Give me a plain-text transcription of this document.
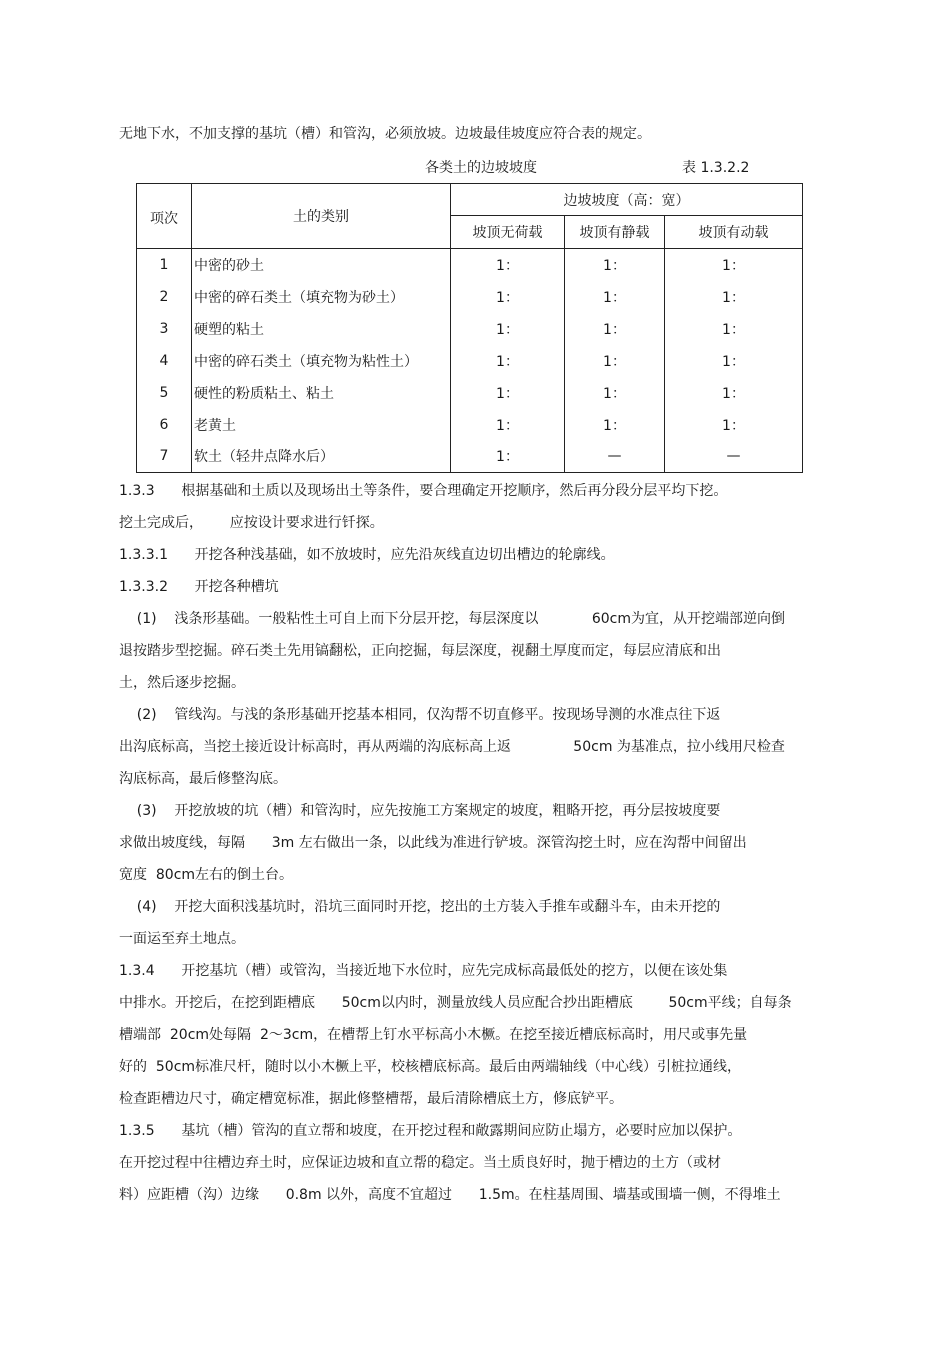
无地下水，不加支撑的基坑（槽）和管沟，必须放坡。边坡最佳坡度应符合表的规定。
各类土的边坡坡度	表 1.3.2.2
项次	土的类别	边坡坡度（高：宽）		
		坡顶无荷载	坡顶有静载	坡顶有动载
1	中密的砂土	1：	1：	1：
2	中密的碎石类土（填充物为砂土）	1：	1：	1：
3	硬塑的粘土	1：	1：	1：
4	中密的碎石类土（填充物为粘性土）	1：	1：	1：
5	硬性的粉质粘土、粘土	1：	1：	1：
6	老黄土	1：	1：	1：
7	软土（轻井点降水后）	1：	—	—
1.3.3      根据基础和土质以及现场出土等条件，要合理确定开挖顺序，然后再分段分层平均下挖。
挖土完成后，      应按设计要求进行钎探。
1.3.3.1      开挖各种浅基础，如不放坡时，应先沿灰线直边切出槽边的轮廓线。
1.3.3.2      开挖各种槽坑
(1)    浅条形基础。一般粘性土可自上而下分层开挖，每层深度以            60cm为宜，从开挖端部逆向倒
退按踏步型挖掘。碎石类土先用镐翻松，正向挖掘，每层深度，视翻土厚度而定，每层应清底和出
土，然后逐步挖掘。
(2)    管线沟。与浅的条形基础开挖基本相同，仅沟帮不切直修平。按现场导测的水准点往下返
出沟底标高，当挖土接近设计标高时，再从两端的沟底标高上返              50cm 为基准点，拉小线用尺检查
沟底标高，最后修整沟底。
(3)    开挖放坡的坑（槽）和管沟时，应先按施工方案规定的坡度，粗略开挖，再分层按坡度要
求做出坡度线，每隔      3m 左右做出一条，以此线为准进行铲坡。深管沟挖土时，应在沟帮中间留出
宽度  80cm左右的倒土台。
(4)    开挖大面积浅基坑时，沿坑三面同时开挖，挖出的土方装入手推车或翻斗车，由未开挖的
一面运至弃土地点。
1.3.4      开挖基坑（槽）或管沟，当接近地下水位时，应先完成标高最低处的挖方，以便在该处集
中排水。开挖后，在挖到距槽底      50cm以内时，测量放线人员应配合抄出距槽底        50cm平线；自每条
槽端部  20cm处每隔  2～3cm，在槽帮上钉水平标高小木橛。在挖至接近槽底标高时，用尺或事先量
好的  50cm标准尺杆，随时以小木橛上平，校核槽底标高。最后由两端轴线（中心线）引桩拉通线，
检查距槽边尺寸，确定槽宽标准，据此修整槽帮，最后清除槽底土方，修底铲平。
1.3.5      基坑（槽）管沟的直立帮和坡度，在开挖过程和敞露期间应防止塌方，必要时应加以保护。
在开挖过程中往槽边弃土时，应保证边坡和直立帮的稳定。当土质良好时，抛于槽边的土方（或材
料）应距槽（沟）边缘      0.8m 以外，高度不宜超过      1.5m。在柱基周围、墙基或围墙一侧，不得堆土
